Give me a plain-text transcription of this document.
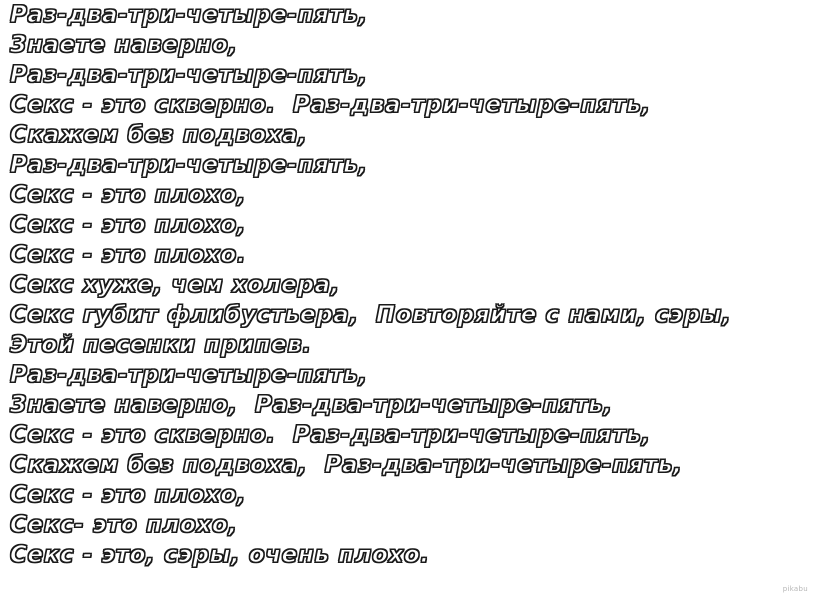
Раз-два-три-четыре-пять,
Знаете наверно,
Раз-два-три-четыре-пять,
Секс - это скверно.  Раз-два-три-четыре-пять,
Скажем без подвоха,
Раз-два-три-четыре-пять,
Секс - это плохо,
Секс - это плохо,
Секс - это плохо.
Секс хуже, чем холера,
Секс губит флибустьера,  Повторяйте с нами, сэры,
Этой песенки припев.
Раз-два-три-четыре-пять,
Знаете наверно,  Раз-два-три-четыре-пять,
Секс - это скверно.  Раз-два-три-четыре-пять,
Скажем без подвоха,  Раз-два-три-четыре-пять,
Секс - это плохо,
Секс- это плохо,
Секс - это, сэры, очень плохо.
pikabu
